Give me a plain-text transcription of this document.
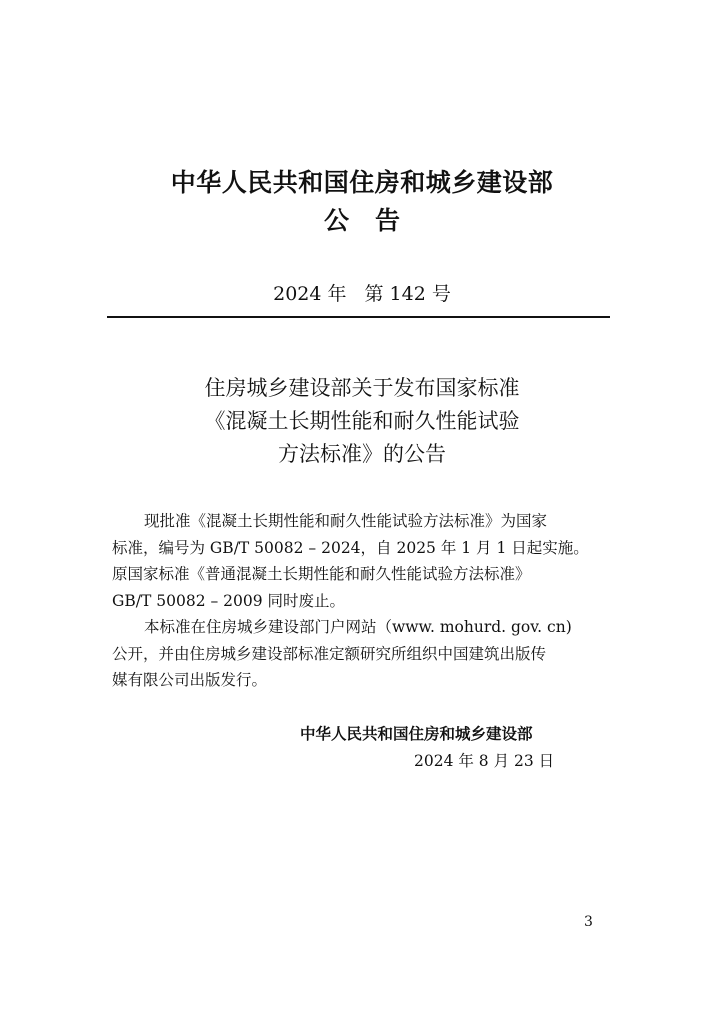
中华人民共和国住房和城乡建设部
公告
2024 年 第 142 号
住房城乡建设部关于发布国家标准
《混凝土长期性能和耐久性能试验
方法标准》的公告

现批准《混凝土长期性能和耐久性能试验方法标准》为国家

标准，编号为 GB/T 50082 – 2024，自 2025 年 1 月 1 日起实施。

原国家标准《普通混凝土长期性能和耐久性能试验方法标准》

GB/T 50082 – 2009 同时废止。

本标准在住房城乡建设部门户网站（www. mohurd. gov. cn)

公开，并由住房城乡建设部标准定额研究所组织中国建筑出版传

媒有限公司出版发行。

中华人民共和国住房和城乡建设部
2024 年 8 月 23 日
3
